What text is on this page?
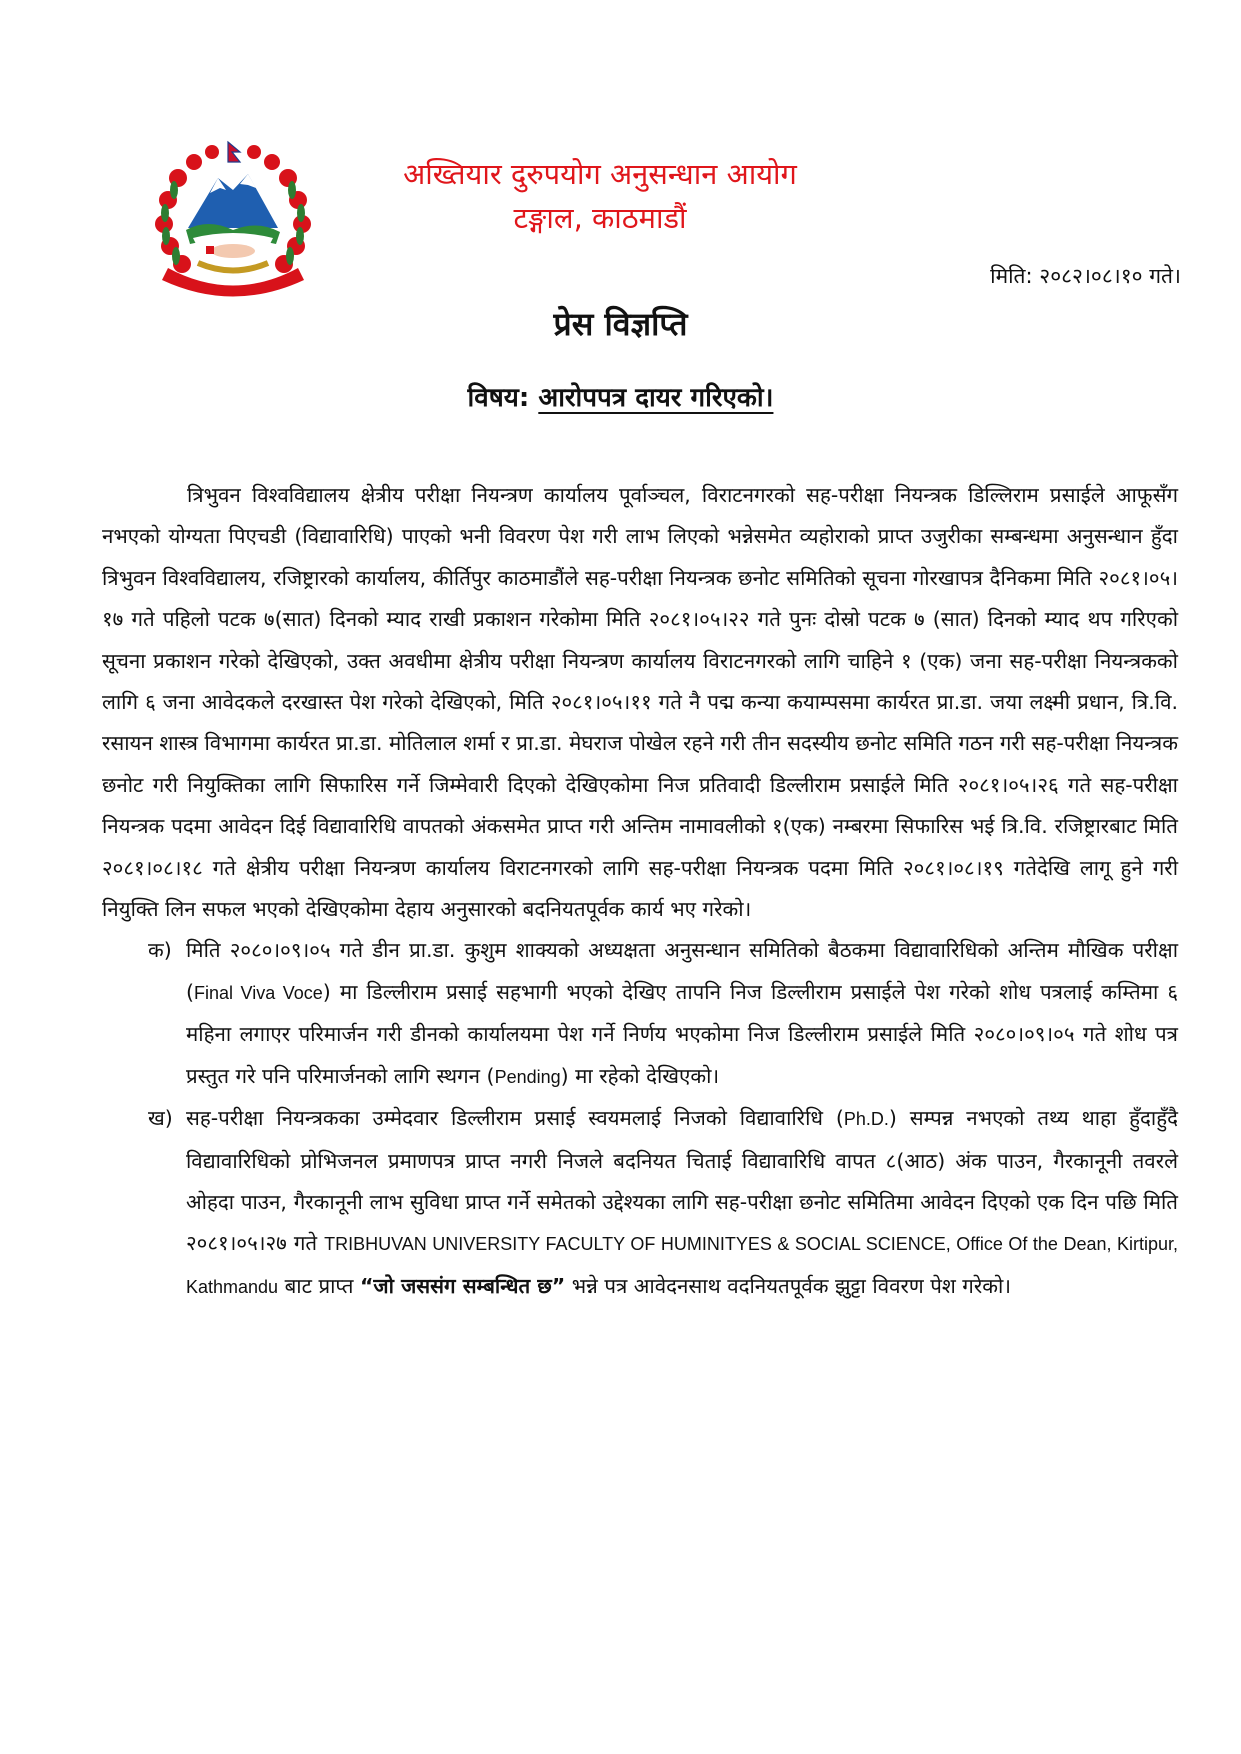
अख्तियार दुरुपयोग अनुसन्धान आयोग
टङ्गाल, काठमाडौं
मिति: २०८२।०८।१० गते।
प्रेस विज्ञप्ति
विषय: आरोपपत्र दायर गरिएको।

त्रिभुवन विश्वविद्यालय क्षेत्रीय परीक्षा नियन्त्रण कार्यालय पूर्वाञ्चल, विराटनगरको सह-परीक्षा नियन्त्रक डिल्लिराम प्रसाईले आफूसँग नभएको योग्यता पिएचडी (विद्यावारिधि) पाएको भनी विवरण पेश गरी लाभ लिएको भन्नेसमेत व्यहोराको प्राप्त उजुरीका सम्बन्धमा अनुसन्धान हुँदा त्रिभुवन विश्वविद्यालय, रजिष्ट्रारको कार्यालय, कीर्तिपुर काठमाडौंले सह-परीक्षा नियन्त्रक छनोट समितिको सूचना गोरखापत्र दैनिकमा मिति २०८१।०५।१७ गते पहिलो पटक ७(सात) दिनको म्याद राखी प्रकाशन गरेकोमा मिति २०८१।०५।२२ गते पुनः दोस्रो पटक ७ (सात) दिनको म्याद थप गरिएको सूचना प्रकाशन गरेको देखिएको, उक्त अवधीमा क्षेत्रीय परीक्षा नियन्त्रण कार्यालय विराटनगरको लागि चाहिने १ (एक) जना सह-परीक्षा नियन्त्रकको लागि ६ जना आवेदकले दरखास्त पेश गरेको देखिएको, मिति २०८१।०५।११ गते नै पद्म कन्या कयाम्पसमा कार्यरत प्रा.डा. जया लक्ष्मी प्रधान, त्रि.वि. रसायन शास्त्र विभागमा कार्यरत प्रा.डा. मोतिलाल शर्मा र प्रा.डा. मेघराज पोखेल रहने गरी तीन सदस्यीय छनोट समिति गठन गरी सह-परीक्षा नियन्त्रक छनोट गरी नियुक्तिका लागि सिफारिस गर्ने जिम्मेवारी दिएको देखिएकोमा निज प्रतिवादी डिल्लीराम प्रसाईले मिति २०८१।०५।२६ गते सह-परीक्षा नियन्त्रक पदमा आवेदन दिई विद्यावारिधि वापतको अंकसमेत प्राप्त गरी अन्तिम नामावलीको १(एक) नम्बरमा सिफारिस भई त्रि.वि. रजिष्ट्रारबाट मिति २०८१।०८।१८ गते क्षेत्रीय परीक्षा नियन्त्रण कार्यालय विराटनगरको लागि सह-परीक्षा नियन्त्रक पदमा मिति २०८१।०८।१९ गतेदेखि लागू हुने गरी नियुक्ति लिन सफल भएको देखिएकोमा देहाय अनुसारको बदनियतपूर्वक कार्य भए गरेको।

क) मिति २०८०।०९।०५ गते डीन प्रा.डा. कुशुम शाक्यको अध्यक्षता अनुसन्धान समितिको बैठकमा विद्यावारिधिको अन्तिम मौखिक परीक्षा (Final Viva Voce) मा डिल्लीराम प्रसाई सहभागी भएको देखिए तापनि निज डिल्लीराम प्रसाईले पेश गरेको शोध पत्रलाई कम्तिमा ६ महिना लगाएर परिमार्जन गरी डीनको कार्यालयमा पेश गर्ने निर्णय भएकोमा निज डिल्लीराम प्रसाईले मिति २०८०।०९।०५ गते शोध पत्र प्रस्तुत गरे पनि परिमार्जनको लागि स्थगन (Pending) मा रहेको देखिएको।
ख) सह-परीक्षा नियन्त्रकका उम्मेदवार डिल्लीराम प्रसाई स्वयमलाई निजको विद्यावारिधि (Ph.D.) सम्पन्न नभएको तथ्य थाहा हुँदाहुँदै विद्यावारिधिको प्रोभिजनल प्रमाणपत्र प्राप्त नगरी निजले बदनियत चिताई विद्यावारिधि वापत ८(आठ) अंक पाउन, गैरकानूनी तवरले ओहदा पाउन, गैरकानूनी लाभ सुविधा प्राप्त गर्ने समेतको उद्देश्यका लागि सह-परीक्षा छनोट समितिमा आवेदन दिएको एक दिन पछि मिति २०८१।०५।२७ गते TRIBHUVAN UNIVERSITY FACULTY OF HUMINITYES & SOCIAL SCIENCE, Office Of the Dean, Kirtipur, Kathmandu बाट प्राप्त “जो जससंग सम्बन्धित छ” भन्ने पत्र आवेदनसाथ वदनियतपूर्वक झुट्टा विवरण पेश गरेको।
